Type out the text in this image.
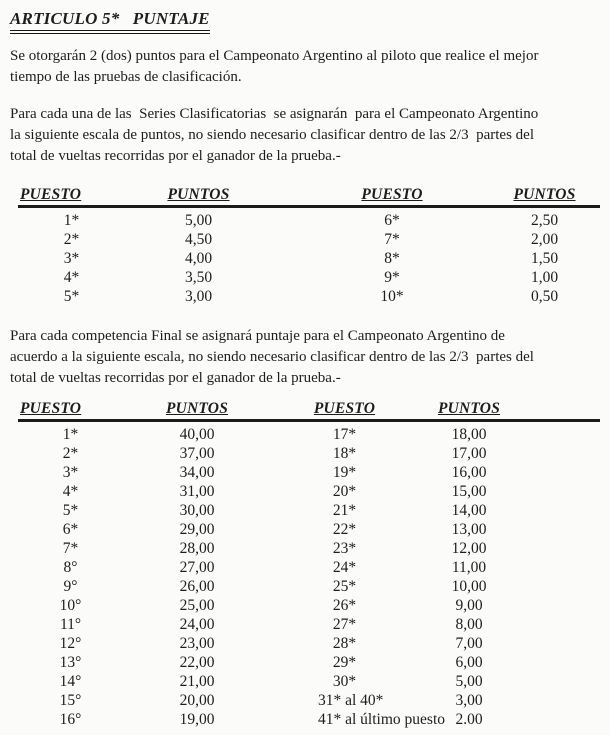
ARTICULO 5*   PUNTAJE

Se otorgarán 2 (dos) puntos para el Campeonato Argentino al piloto que realice el mejor
tiempo de las pruebas de clasificación.

Para cada una de las  Series Clasificatorias  se asignarán  para el Campeonato Argentino
la siguiente escala de puntos, no siendo necesario clasificar dentro de las 2/3  partes del
total de vueltas recorridas por el ganador de la prueba.-

PUESTO	PUNTOS	PUESTO	PUNTOS
1*	5,00	6*	2,50
2*	4,50	7*	2,00
3*	4,00	8*	1,50
4*	3,50	9*	1,00
5*	3,00	10*	0,50

Para cada competencia Final se asignará puntaje para el Campeonato Argentino de
acuerdo a la siguiente escala, no siendo necesario clasificar dentro de las 2/3  partes del
total de vueltas recorridas por el ganador de la prueba.-

PUESTO	PUNTOS	PUESTO	PUNTOS
1*	40,00	17*	18,00
2*	37,00	18*	17,00
3*	34,00	19*	16,00
4*	31,00	20*	15,00
5*	30,00	21*	14,00
6*	29,00	22*	13,00
7*	28,00	23*	12,00
8°	27,00	24*	11,00
9°	26,00	25*	10,00
10°	25,00	26*	9,00
11°	24,00	27*	8,00
12°	23,00	28*	7,00
13°	22,00	29*	6,00
14°	21,00	30*	5,00
15°	20,00	31* al 40*	3,00
16°	19,00	41* al último puesto 2.00
